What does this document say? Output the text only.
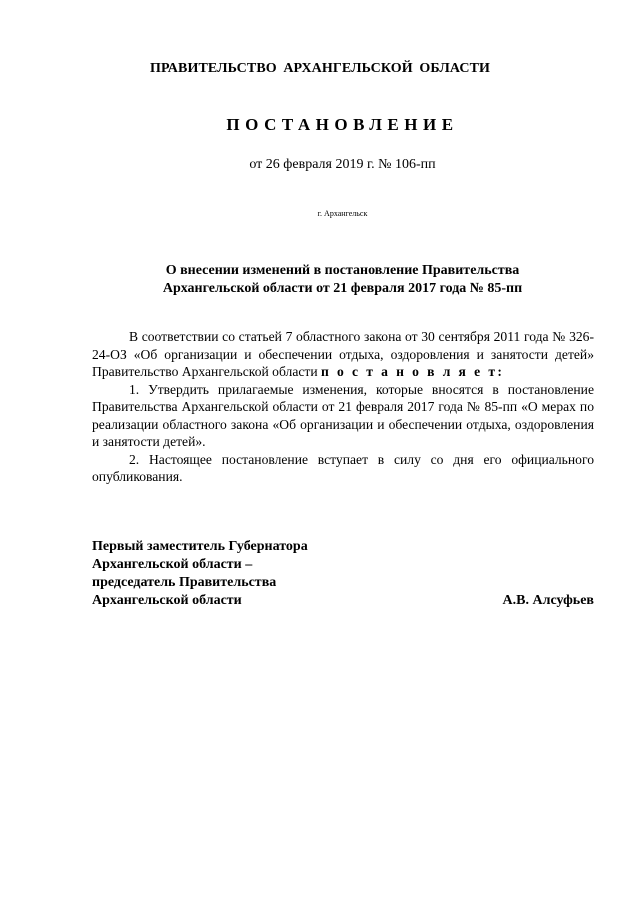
ПРАВИТЕЛЬСТВО АРХАНГЕЛЬСКОЙ ОБЛАСТИ
ПОСТАНОВЛЕНИЕ
от 26 февраля 2019 г. № 106-пп
г. Архангельск
О внесении изменений в постановление Правительства
Архангельской области от 21 февраля 2017 года № 85-пп

В соответствии со статьей 7 областного закона от 30 сентября 2011 года № 326-24-ОЗ «Об организации и обеспечении отдыха, оздоровления и занятости детей» Правительство Архангельской области п о с т а н о в л я е т:

1. Утвердить прилагаемые изменения, которые вносятся в постановление Правительства Архангельской области от 21 февраля 2017 года № 85-пп «О мерах по реализации областного закона «Об организации и обеспечении отдыха, оздоровления и занятости детей».

2. Настоящее постановление вступает в силу со дня его официального опубликования.

Первый заместитель Губернатора
Архангельской области –
председатель Правительства
Архангельской области	А.В. Алсуфьев
